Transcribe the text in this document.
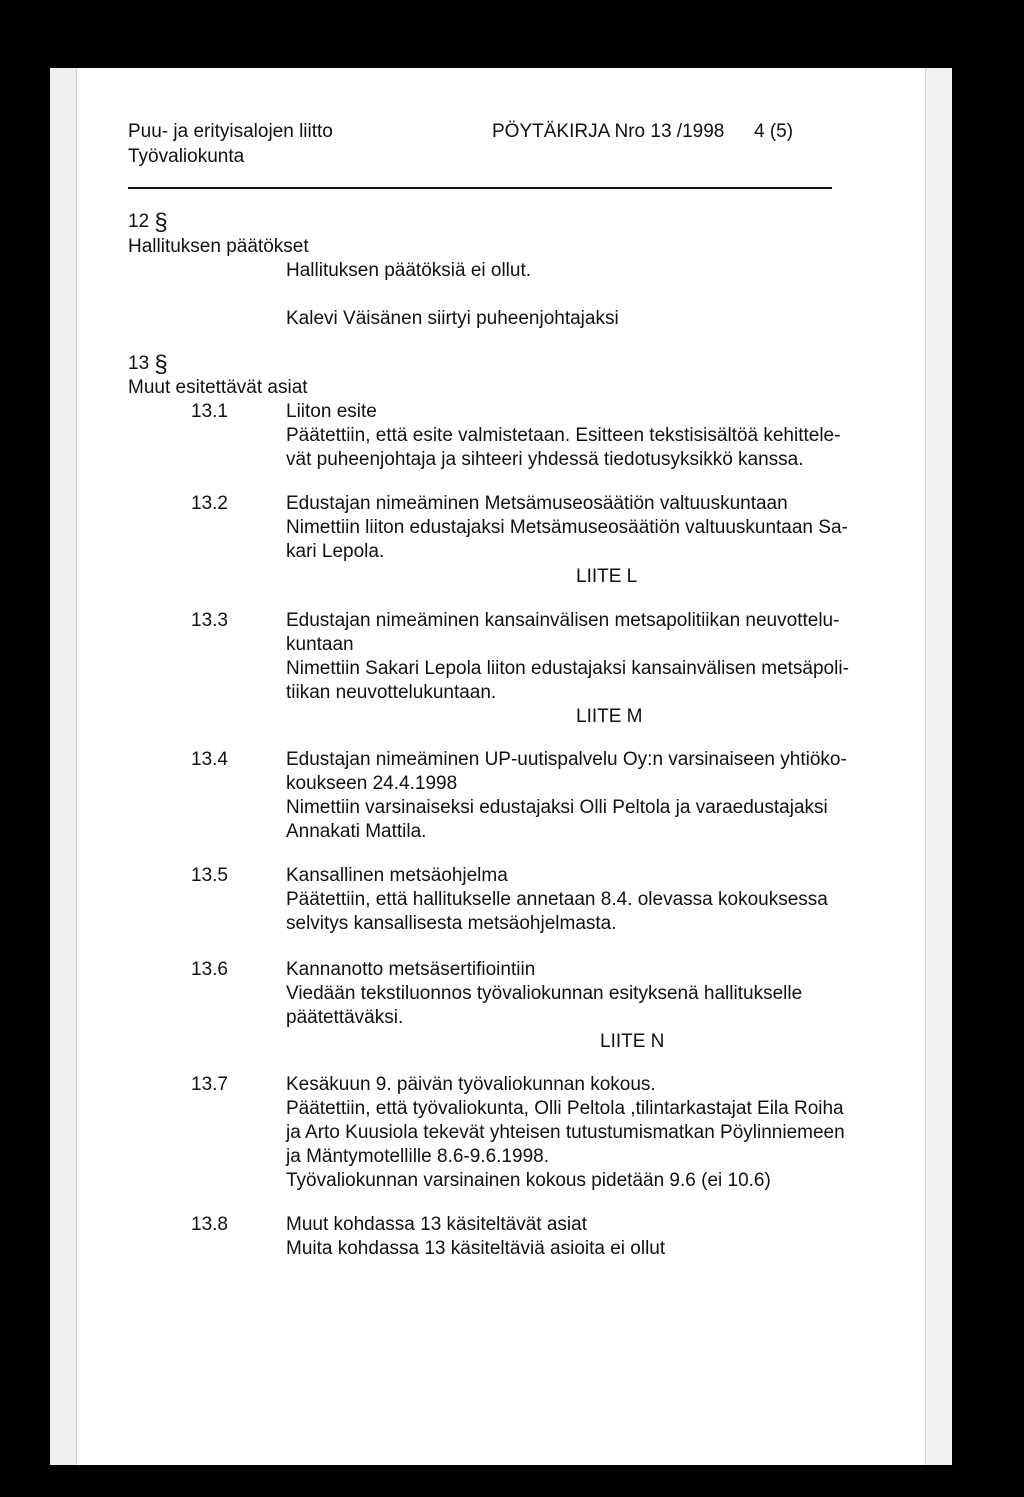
Puu- ja erityisalojen liitto	PÖYTÄKIRJA Nro 13 /1998 4 (5)
Työvaliokunta
12 §
Hallituksen päätökset
Hallituksen päätöksiä ei ollut.
Kalevi Väisänen siirtyi puheenjohtajaksi
13 §
Muut esitettävät asiat
13.1	Liiton esite
Päätettiin, että esite valmistetaan. Esitteen tekstisisältöä kehittele-
vät puheenjohtaja ja sihteeri yhdessä tiedotusyksikkö kanssa.
13.2	Edustajan nimeäminen Metsämuseosäätiön valtuuskuntaan
Nimettiin liiton edustajaksi Metsämuseosäätiön valtuuskuntaan Sa-
kari Lepola.
LIITE L
13.3	Edustajan nimeäminen kansainvälisen metsapolitiikan neuvottelu-
kuntaan
Nimettiin Sakari Lepola liiton edustajaksi kansainvälisen metsäpoli-
tiikan neuvottelukuntaan.
LIITE M
13.4	Edustajan nimeäminen UP-uutispalvelu Oy:n varsinaiseen yhtiöko-
koukseen 24.4.1998
Nimettiin varsinaiseksi edustajaksi Olli Peltola ja varaedustajaksi
Annakati Mattila.
13.5	Kansallinen metsäohjelma
Päätettiin, että hallitukselle annetaan 8.4. olevassa kokouksessa
selvitys kansallisesta metsäohjelmasta.
13.6	Kannanotto metsäsertifiointiin
Viedään tekstiluonnos työvaliokunnan esityksenä hallitukselle
päätettäväksi.
LIITE N
13.7	Kesäkuun 9. päivän työvaliokunnan kokous.
Päätettiin, että työvaliokunta, Olli Peltola ,tilintarkastajat Eila Roiha
ja Arto Kuusiola tekevät yhteisen tutustumismatkan Pöylinniemeen
ja Mäntymotellille 8.6-9.6.1998.
Työvaliokunnan varsinainen kokous pidetään 9.6 (ei 10.6)
13.8	Muut kohdassa 13 käsiteltävät asiat
Muita kohdassa 13 käsiteltäviä asioita ei ollut
